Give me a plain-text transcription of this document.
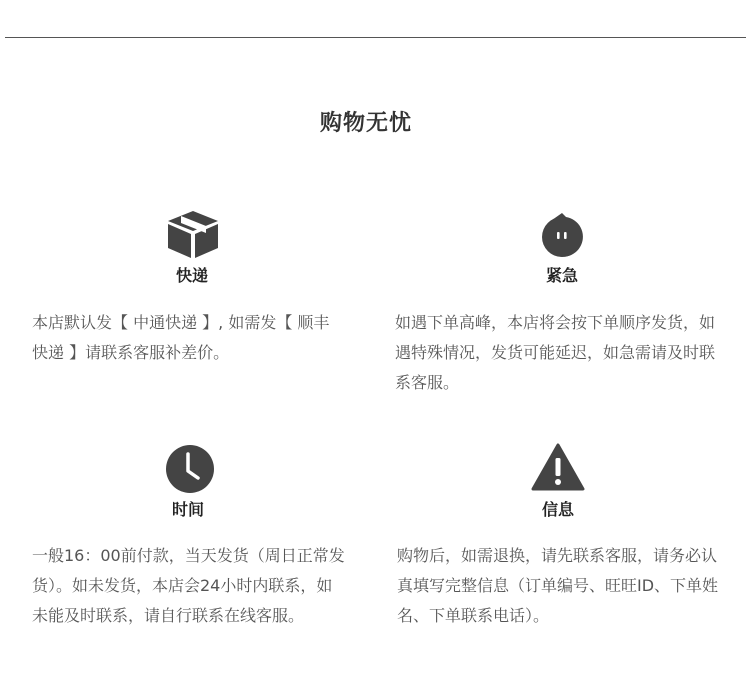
购物无忧
快递

本店默认发【 中通快递 】, 如需发【 顺丰快递 】请联系客服补差价。

紧急

如遇下单高峰，本店将会按下单顺序发货，如遇特殊情况，发货可能延迟，如急需请及时联系客服。

时间

一般16：00前付款，当天发货（周日正常发货）。如未发货，本店会24小时内联系，如未能及时联系，请自行联系在线客服。

信息

购物后，如需退换，请先联系客服，请务必认真填写完整信息（订单编号、旺旺ID、下单姓名、下单联系电话）。
